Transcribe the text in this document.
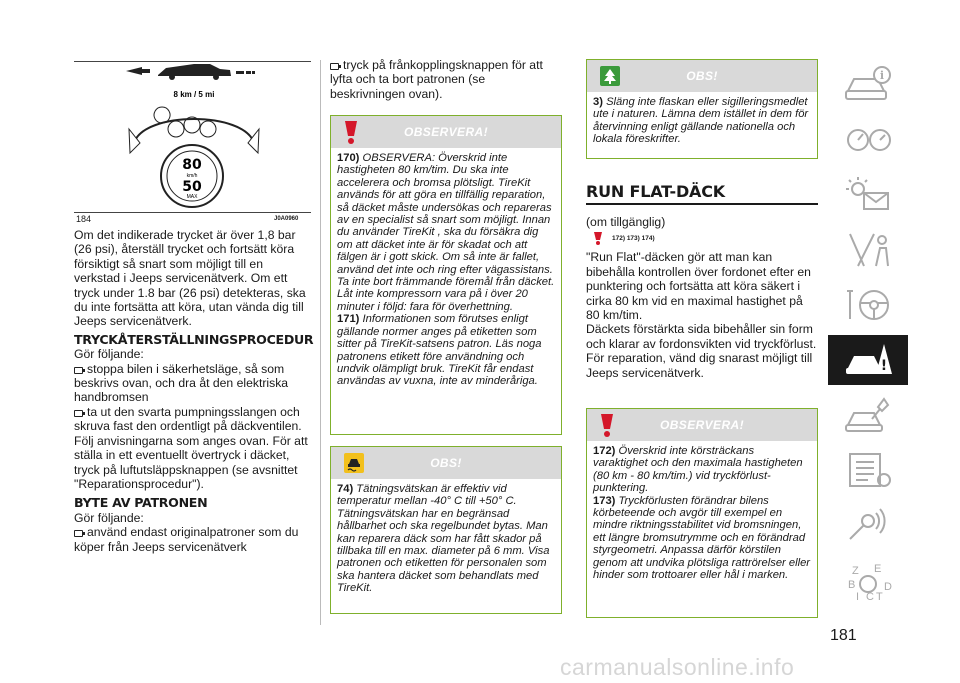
8 km / 5 mi
80
km/h
50
MAX
184	J0A0960

Om det indikerade trycket är över 1,8 bar (26 psi), återställ trycket och fortsätt köra försiktigt så snart som möjligt till en verkstad i Jeeps servicenätverk. Om ett tryck under 1.8 bar (26 psi) detekteras, ska du inte fortsätta att köra, utan vända dig till Jeeps servicenätverk.

TRYCKÅTERSTÄLLNINGSPROCEDUR

Gör följande:

stoppa bilen i säkerhetsläge, så som beskrivs ovan, och dra åt den elektriska handbromsen

ta ut den svarta pumpningsslangen och skruva fast den ordentligt på däckventilen. Följ anvisningarna som anges ovan. För att ställa in ett eventuellt övertryck i däcket, tryck på luftutsläppsknappen (se avsnittet "Reparationsprocedur").

BYTE AV PATRONEN

Gör följande:

använd endast originalpatroner som du köper från Jeeps servicenätverk

tryck på frånkopplingsknappen för att lyfta och ta bort patronen (se beskrivningen ovan).

OBSERVERA!
170) OBSERVERA: Överskrid inte hastigheten 80 km/tim. Du ska inte accelerera och bromsa plötsligt. TireKit används för att göra en tillfällig reparation, så däcket måste undersökas och repareras av en specialist så snart som möjligt. Innan du använder TireKit , ska du försäkra dig om att däcket inte är för skadat och att fälgen är i gott skick. Om så inte är fallet, använd det inte och ring efter vägassistans. Ta inte bort främmande föremål från däcket. Låt inte kompressorn vara på i över 20 minuter i följd: fara för överhettning.
171) Informationen som förutses enligt gällande normer anges på etiketten som sitter på TireKit-satsens patron. Läs noga patronens etikett före användning och undvik olämpligt bruk. TireKit får endast användas av vuxna, inte av minderåriga.
OBS!
74) Tätningsvätskan är effektiv vid temperatur mellan -40° C till +50° C. Tätningsvätskan har en begränsad hållbarhet och ska regelbundet bytas. Man kan reparera däck som har fått skador på tillbaka till en max. diameter på 6 mm. Visa patronen och etiketten för personalen som ska hantera däcket som behandlats med TireKit.
OBS!
3) Släng inte flaskan eller sigilleringsmedlet ute i naturen. Lämna dem istället in dem för återvinning enligt gällande nationella och lokala föreskrifter.
RUN FLAT-DÄCK
(om tillgänglig)
172) 173) 174)

"Run Flat"-däcken gör att man kan bibehålla kontrollen över fordonet efter en punktering och fortsätta att köra säkert i cirka 80 km vid en maximal hastighet på 80 km/tim.

Däckets förstärkta sida bibehåller sin form och klarar av fordonsvikten vid tryckförlust.

För reparation, vänd dig snarast möjligt till Jeeps servicenätverk.

OBSERVERA!
172) Överskrid inte körsträckans varaktighet och den maximala hastigheten (80 km - 80 km/tim.) vid tryckförlust-punktering.
173) Tryckförlusten förändrar bilens körbeteende och avgör till exempel en mindre riktningsstabilitet vid bromsningen, ett längre bromsutrymme och en förändrad styrgeometri. Anpassa därför körstilen genom att undvika plötsliga rattrörelser eller hinder som trottoarer eller hål i marken.
i
!
Z E
B	D
I C T
181
carmanualsonline.info
